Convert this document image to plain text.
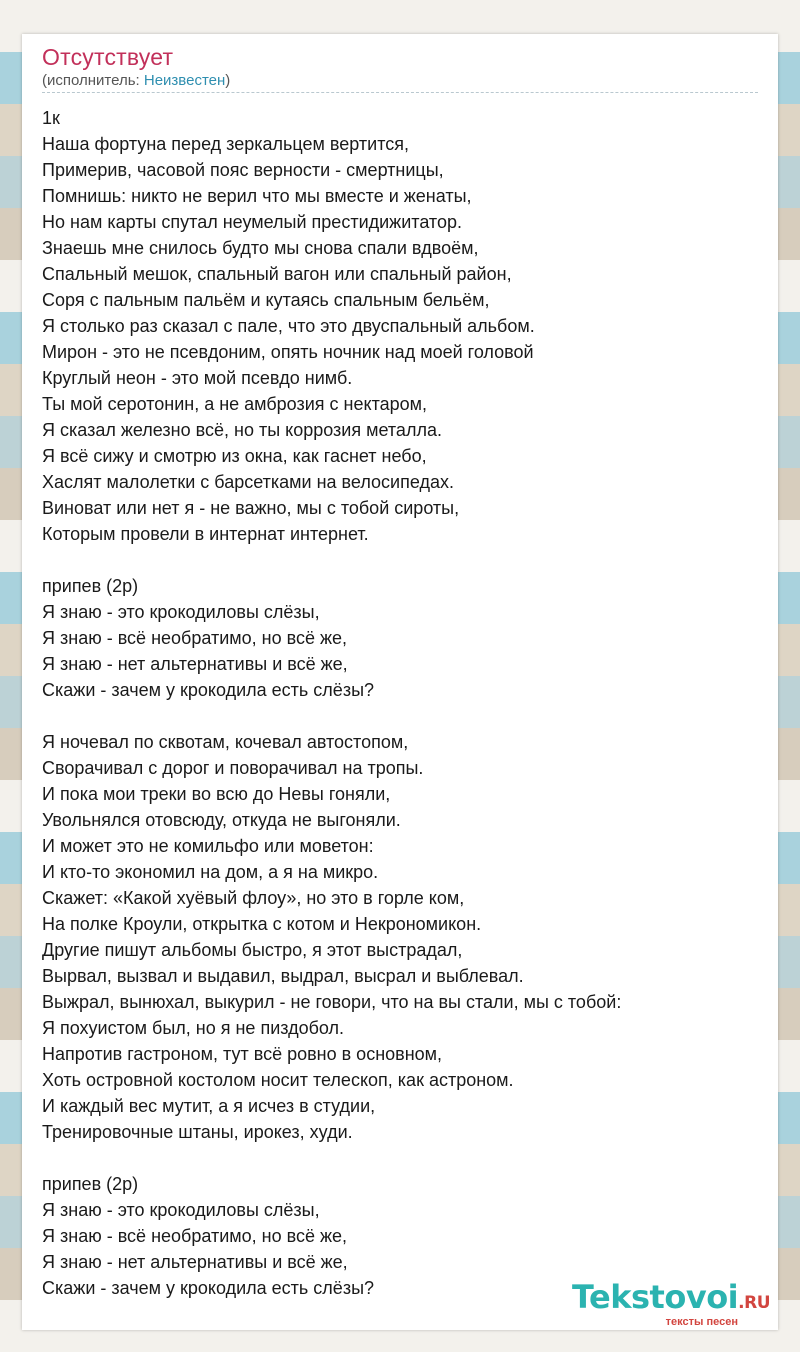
Отсутствует
(исполнитель: Неизвестен)
1к
Наша фортуна перед зеркальцем вертится,
Примерив, часовой пояс верности - смертницы,
Помнишь: никто не верил что мы вместе и женаты,
Но нам карты спутал неумелый престидижитатор.
Знаешь мне снилось будто мы снова спали вдвоём,
Спальный мешок, спальный вагон или спальный район,
Соря с пальным пальём и кутаясь спальным бельём,
Я столько раз сказал с пале, что это двуспальный альбом.
Мирон - это не псевдоним, опять ночник над моей головой
Круглый неон - это мой псевдо нимб.
Ты мой серотонин, а не амброзия с нектаром,
Я сказал железно всё, но ты коррозия металла.
Я всё сижу и смотрю из окна, как гаснет небо,
Хаслят малолетки с барсетками на велосипедах.
Виноват или нет я - не важно, мы с тобой сироты,
Которым провели в интернат интернет.
припев (2р)
Я знаю - это крокодиловы слёзы,
Я знаю - всё необратимо, но всё же,
Я знаю - нет альтернативы и всё же,
Скажи - зачем у крокодила есть слёзы?
Я ночевал по сквотам, кочевал автостопом,
Сворачивал с дорог и поворачивал на тропы.
И пока мои треки во всю до Невы гоняли,
Увольнялся отовсюду, откуда не выгоняли.
И может это не комильфо или моветон:
И кто-то экономил на дом, а я на микро.
Скажет: «Какой хуёвый флоу», но это в горле ком,
На полке Кроули, открытка с котом и Некрономикон.
Другие пишут альбомы быстро, я этот выстрадал,
Вырвал, вызвал и выдавил, выдрал, высрал и выблевал.
Выжрал, вынюхал, выкурил - не говори, что на вы стали, мы с тобой:
Я похуистом был, но я не пиздобол.
Напротив гастроном, тут всё ровно в основном,
Хоть островной костолом носит телескоп, как астроном.
И каждый вес мутит, а я исчез в студии,
Тренировочные штаны, ирокез, худи.
припев (2р)
Я знаю - это крокодиловы слёзы,
Я знаю - всё необратимо, но всё же,
Я знаю - нет альтернативы и всё же,
Скажи - зачем у крокодила есть слёзы?	Tekstovoi.RU
тексты песен
